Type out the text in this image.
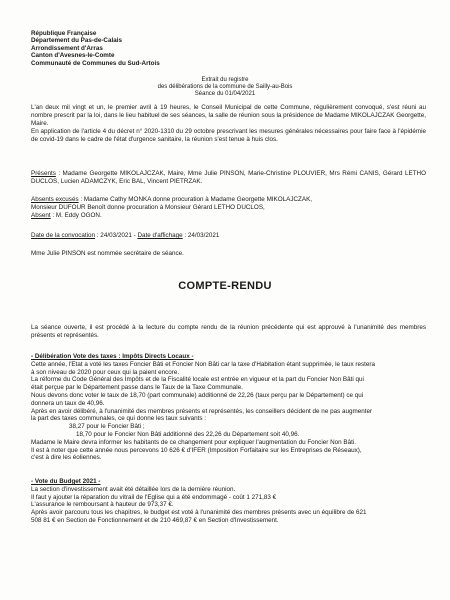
République Française
Département du Pas-de-Calais
Arrondissement d'Arras
Canton d'Avesnes-le-Comte
Communauté de Communes du Sud-Artois
Extrait du registre
des délibérations de la commune de Sailly-au-Bois
Séance du 01/04/2021
L'an deux mil vingt et un, le premier avril à 19 heures, le Conseil Municipal de cette Commune, régulièrement convoqué, s'est réuni au nombre prescrit par la loi, dans le lieu habituel de ses séances, la salle de réunion sous la présidence de Madame MIKOLAJCZAK Georgette, Maire.
En application de l'article 4 du décret n° 2020-1310 du 29 octobre prescrivant les mesures générales nécessaires pour faire face à l'épidémie de covid-19 dans le cadre de l'état d'urgence sanitaire, la réunion s'est tenue à huis clos.
Présents : Madame Georgette MIKOLAJCZAK, Maire, Mme Julie PINSON, Marie-Christine PLOUVIER, Mrs Rémi CANIS, Gérard LETHO DUCLOS, Lucien ADAMCZYK, Eric BAL, Vincent PIETRZAK.
Absents excusés : Madame Cathy MONKA donne procuration à Madame Georgette MIKOLAJCZAK,
Monsieur DUFOUR Benoît donne procuration à Monsieur Gérard LETHO DUCLOS,
Absent : M. Eddy OGON.
Date de la convocation : 24/03/2021 - Date d'affichage : 24/03/2021
Mme Julie PINSON est nommée secrétaire de séance.
COMPTE-RENDU
La séance ouverte, il est procédé à la lecture du compte rendu de la réunion précédente qui est approuvé à l'unanimité des membres présents et représentés.
- Délibération Vote des taxes : Impôts Directs Locaux -
Cette année, l'Etat a voté les taxes Foncier Bâti et Foncier Non Bâti car la taxe d'Habitation étant supprimée, le taux restera
à son niveau de 2020 pour ceux qui la paient encore.
La réforme du Code Général des Impôts et de la Fiscalité locale est entrée en vigueur et la part du Foncier Non Bâti qui
était perçue par le Département passe dans le Taux de la Taxe Communale.
Nous devons donc voter le taux de 18,70 (part communale) additionné de 22,26 (taux perçu par le Département) ce qui
donnera un taux de 40,96.
Après en avoir délibéré, à l'unanimité des membres présents et représentés, les conseillers décident de ne pas augmenter
la part des taxes communales, ce qui donne les taux suivants :
38,27 pour le Foncier Bâti ;
18,70 pour le Foncier Non Bâti additionné des 22,26 du Département soit 40,96.
Madame le Maire devra informer les habitants de ce changement pour expliquer l'augmentation du Foncier Non Bâti.
Il est à noter que cette année nous percevons 10 626 € d'IFER (Imposition Forfaitaire sur les Entreprises de Réseaux),
c'est à dire les éoliennes.
- Vote du Budget 2021 -
La section d'investissement avait été détaillée lors de la dernière réunion.
Il faut y ajouter la réparation du vitrail de l'Eglise qui a été endommagé - coût 1 271,83 €
L'assurance le remboursant à hauteur de 973,37 €.
Après avoir parcouru tous les chapitres, le budget est voté à l'unanimité des membres présents avec un équilibre de 621
508 81 € en Section de Fonctionnement et de 210 469,87 € en Section d'Investissement.
